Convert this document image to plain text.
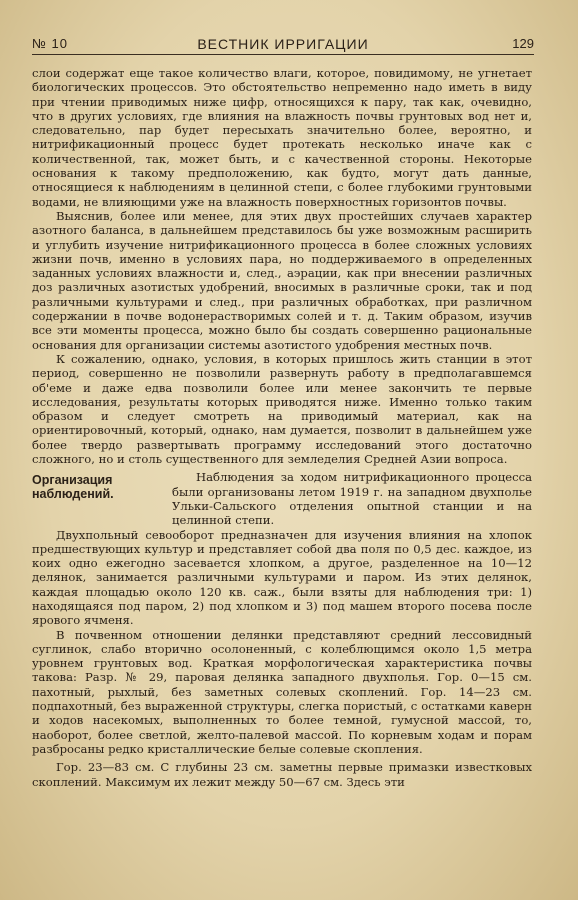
№ 10	ВЕСТНИК ИРРИГАЦИИ	129

слои содержат еще такое количество влаги, которое, повидимому, не угнетает биологических процессов. Это обстоятельство непременно надо иметь в виду при чтении приводимых ниже цифр, относящихся к пару, так как, очевидно, что в других условиях, где влияния на влажность почвы грунтовых вод нет и, следовательно, пар будет пересыхать значительно более, вероятно, и нитрификационный процесс будет протекать несколько иначе как с количественной, так, может быть, и с качественной стороны. Некоторые основания к такому предположению, как будто, могут дать данные, относящиеся к наблюдениям в целинной степи, с более глубокими грунтовыми водами, не влияющими уже на влажность поверхностных горизонтов почвы.

Выяснив, более или менее, для этих двух простейших случаев характер азотного баланса, в дальнейшем представилось бы уже возможным расширить и углубить изучение нитрификационного процесса в более сложных условиях жизни почв, именно в условиях пара, но поддерживаемого в определенных заданных условиях влажности и, след., аэрации, как при внесении различных доз различных азотистых удобрений, вносимых в различные сроки, так и под различными культурами и след., при различных обработках, при различном содержании в почве водонерастворимых солей и т. д. Таким образом, изучив все эти моменты процесса, можно было бы создать совершенно рациональные основания для организации системы азотистого удобрения местных почв.

К сожалению, однако, условия, в которых пришлось жить станции в этот период, совершенно не позволили развернуть работу в предполагавшемся об'еме и даже едва позволили более или менее закончить те первые исследования, результаты которых приводятся ниже. Именно только таким образом и следует смотреть на приводимый материал, как на ориентировочный, который, однако, нам думается, позволит в дальнейшем уже более твердо развертывать программу исследований этого достаточно сложного, но и столь существенного для земледелия Средней Азии вопроса.

Организация наблюдений.

Наблюдения за ходом нитрификационного процесса были организованы летом 1919 г. на западном двухполье Ульки-Сальского отделения опытной станции и на целинной степи.

Двухпольный севооборот предназначен для изучения влияния на хлопок предшествующих культур и представляет собой два поля по 0,5 дес. каждое, из коих одно ежегодно засевается хлопком, а другое, разделенное на 10—12 делянок, занимается различными культурами и паром. Из этих делянок, каждая площадью около 120 кв. саж., были взяты для наблюдения три: 1) находящаяся под паром, 2) под хлопком и 3) под машем второго посева после ярового ячменя.

В почвенном отношении делянки представляют средний лессовидный суглинок, слабо вторично осолоненный, с колеблющимся около 1,5 метра уровнем грунтовых вод. Краткая морфологическая характеристика почвы такова: Разр. № 29, паровая делянка западного двухполья. Гор. 0—15 см. пахотный, рыхлый, без заметных солевых скоплений. Гор. 14—23 см. подпахотный, без выраженной структуры, слегка пористый, с остатками каверн и ходов насекомых, выполненных то более темной, гумусной массой, то, наоборот, более светлой, желто-палевой массой. По корневым ходам и порам разбросаны редко кристаллические белые солевые скопления.

Гор. 23—83 см. С глубины 23 см. заметны первые примазки известковых скоплений. Максимум их лежит между 50—67 см. Здесь эти
